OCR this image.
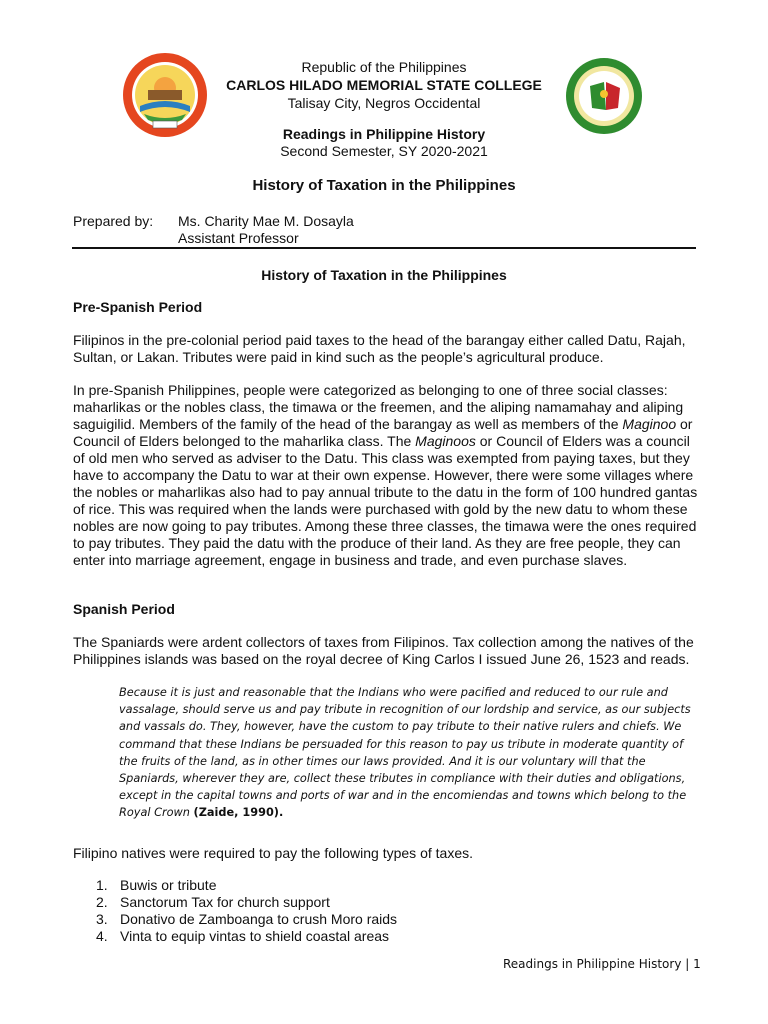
Republic of the Philippines
CARLOS HILADO MEMORIAL STATE COLLEGE
Talisay City, Negros Occidental
Readings in Philippine History
Second Semester, SY 2020-2021
History of Taxation in the Philippines
Prepared by: Ms. Charity Mae M. Dosayla
Assistant Professor
History of Taxation in the Philippines
Pre-Spanish Period

Filipinos in the pre-colonial period paid taxes to the head of the barangay either called Datu, Rajah, Sultan, or Lakan. Tributes were paid in kind such as the people’s agricultural produce.

In pre-Spanish Philippines, people were categorized as belonging to one of three social classes: maharlikas or the nobles class, the timawa or the freemen, and the aliping namamahay and aliping saguigilid. Members of the family of the head of the barangay as well as members of the Maginoo or Council of Elders belonged to the maharlika class. The Maginoos or Council of Elders was a council of old men who served as adviser to the Datu. This class was exempted from paying taxes, but they have to accompany the Datu to war at their own expense. However, there were some villages where the nobles or maharlikas also had to pay annual tribute to the datu in the form of 100 hundred gantas of rice. This was required when the lands were purchased with gold by the new datu to whom these nobles are now going to pay tributes. Among these three classes, the timawa were the ones required to pay tributes. They paid the datu with the produce of their land. As they are free people, they can enter into marriage agreement, engage in business and trade, and even purchase slaves.

Spanish Period

The Spaniards were ardent collectors of taxes from Filipinos. Tax collection among the natives of the Philippines islands was based on the royal decree of King Carlos I issued June 26, 1523 and reads.

Because it is just and reasonable that the Indians who were pacified and reduced to our rule and vassalage, should serve us and pay tribute in recognition of our lordship and service, as our subjects and vassals do. They, however, have the custom to pay tribute to their native rulers and chiefs. We command that these Indians be persuaded for this reason to pay us tribute in moderate quantity of the fruits of the land, as in other times our laws provided. And it is our voluntary will that the Spaniards, wherever they are, collect these tributes in compliance with their duties and obligations, except in the capital towns and ports of war and in the encomiendas and towns which belong to the Royal Crown (Zaide, 1990).

Filipino natives were required to pay the following types of taxes.

1. Buwis or tribute
2. Sanctorum Tax for church support
3. Donativo de Zamboanga to crush Moro raids
4. Vinta to equip vintas to shield coastal areas
Readings in Philippine History | 1
